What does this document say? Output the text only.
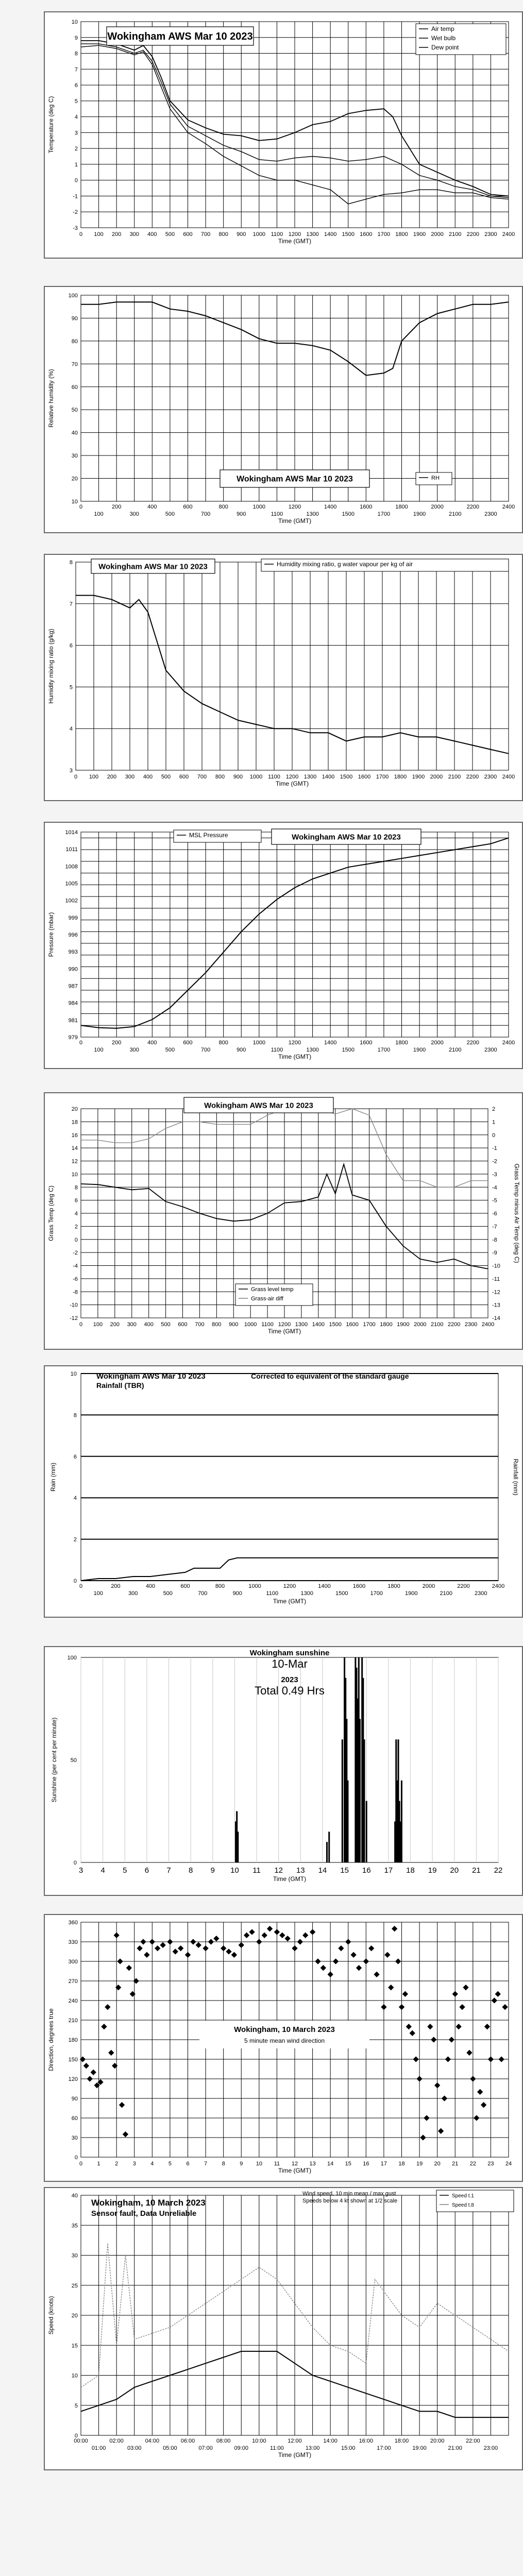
-3
-2
-1
0
1
2
3
4
5
6
7
8
9
10
0 100 200 300 400 500 600 700 800 900 1000 1100 1200 1300 1400 1500 1600 1700 1800 1900 2000 2100 2200 2300 2400
Time (GMT)
Temperature (deg C)
Wokingham AWS Mar 10 2023
Air temp
Wet bulb
Dew point
10
20
30
40
50
60
70
80
90
100
0	200	400	600	800	1000	1200	1400	1600	1800	2000	2200	2400
100	300	500	700	900	1100	1300	1500	1700	1900	2100	2300
Time (GMT)
Relative humidity (%)
Wokingham AWS Mar 10 2023	RH
3
4
5
6
7
8
0 100 200 300 400 500 600 700 800 900 1000 1100 1200 1300 1400 1500 1600 1700 1800 1900 2000 2100 2200 2300 2400
Time (GMT)
Humidity mixing ratio (g/kg)
Wokingham AWS Mar 10 2023	Humidity mixing ratio, g water vapour per kg of air
979
981
984
987
990
993
996
999
1002
1005
1008
1011
1014
0	200	400	600	800	1000	1200	1400	1600	1800	2000	2200	2400
100	300	500	700	900	1100	1300	1500	1700	1900	2100	2300
Time (GMT)
Pressure (mbar)
MSL Pressure	Wokingham AWS Mar 10 2023
-12
-10
-8
-6
-4
-2
0
2
4
6
8
10
12
14
16
18
20
0 100 200 300 400 500 600 700 800 900 1000 1100 1200 1300 1400 1500 1600 1700 1800 1900 2000 2100 2200 2300 2400
Time (GMT)
Grass Temp (deg C)
-14
-13
-12
-11
-10
-9
-8
-7
-6
-5
-4
-3
-2
-1
0
1
2
Grass Temp minus Air Temp (deg C)
Wokingham AWS Mar 10 2023
Grass level temp
Grass-air diff
0
2
4
6
8
10
0	200	400	600	800	1000	1200	1400	1600	1800	2000	2200	2400
100	300	500	700	900	1100	1300	1500	1700	1900	2100	2300
Time (GMT)
Rain (mm)	Rainfall (mm)
Wokingham AWS Mar 10 2023
Rainfall (TBR)
Corrected to equivalent of the standard gauge
3 4 5 6 7 8 9 10 11 12 13 14 15 16 17 18 19 20 21 22
0
50
100
Time (GMT)
Sunshine (per cent per minute)
Wokingham sunshine
10-Mar
2023
Total 0.49 Hrs
0
30
60
90
120
150
180
210
240
270
300
330
360
0	1	2	3	4	5	6	7	8	9 10 11 12 13 14 15 16 17 18 19 20 21 22 23 24
Time (GMT)
Direction, degrees true	Wokingham, 10 March 2023
5 minute mean wind direction
0
5
10
15
20
25
30
35
40
00:00	02:00	04:00	06:00	08:00	10:00	12:00	14:00	16:00	18:00	20:00	22:00
01:00	03:00	05:00	07:00	09:00	11:00	13:00	15:00	17:00	19:00	21:00	23:00
Time (GMT)
Speed (knots)
Wokingham, 10 March 2023
Sensor fault, Data Unreliable
Wind speed, 10 min mean / max gust
Speeds below 4 kt shown at 1/2 scale
Speed t.1
Speed t.8
